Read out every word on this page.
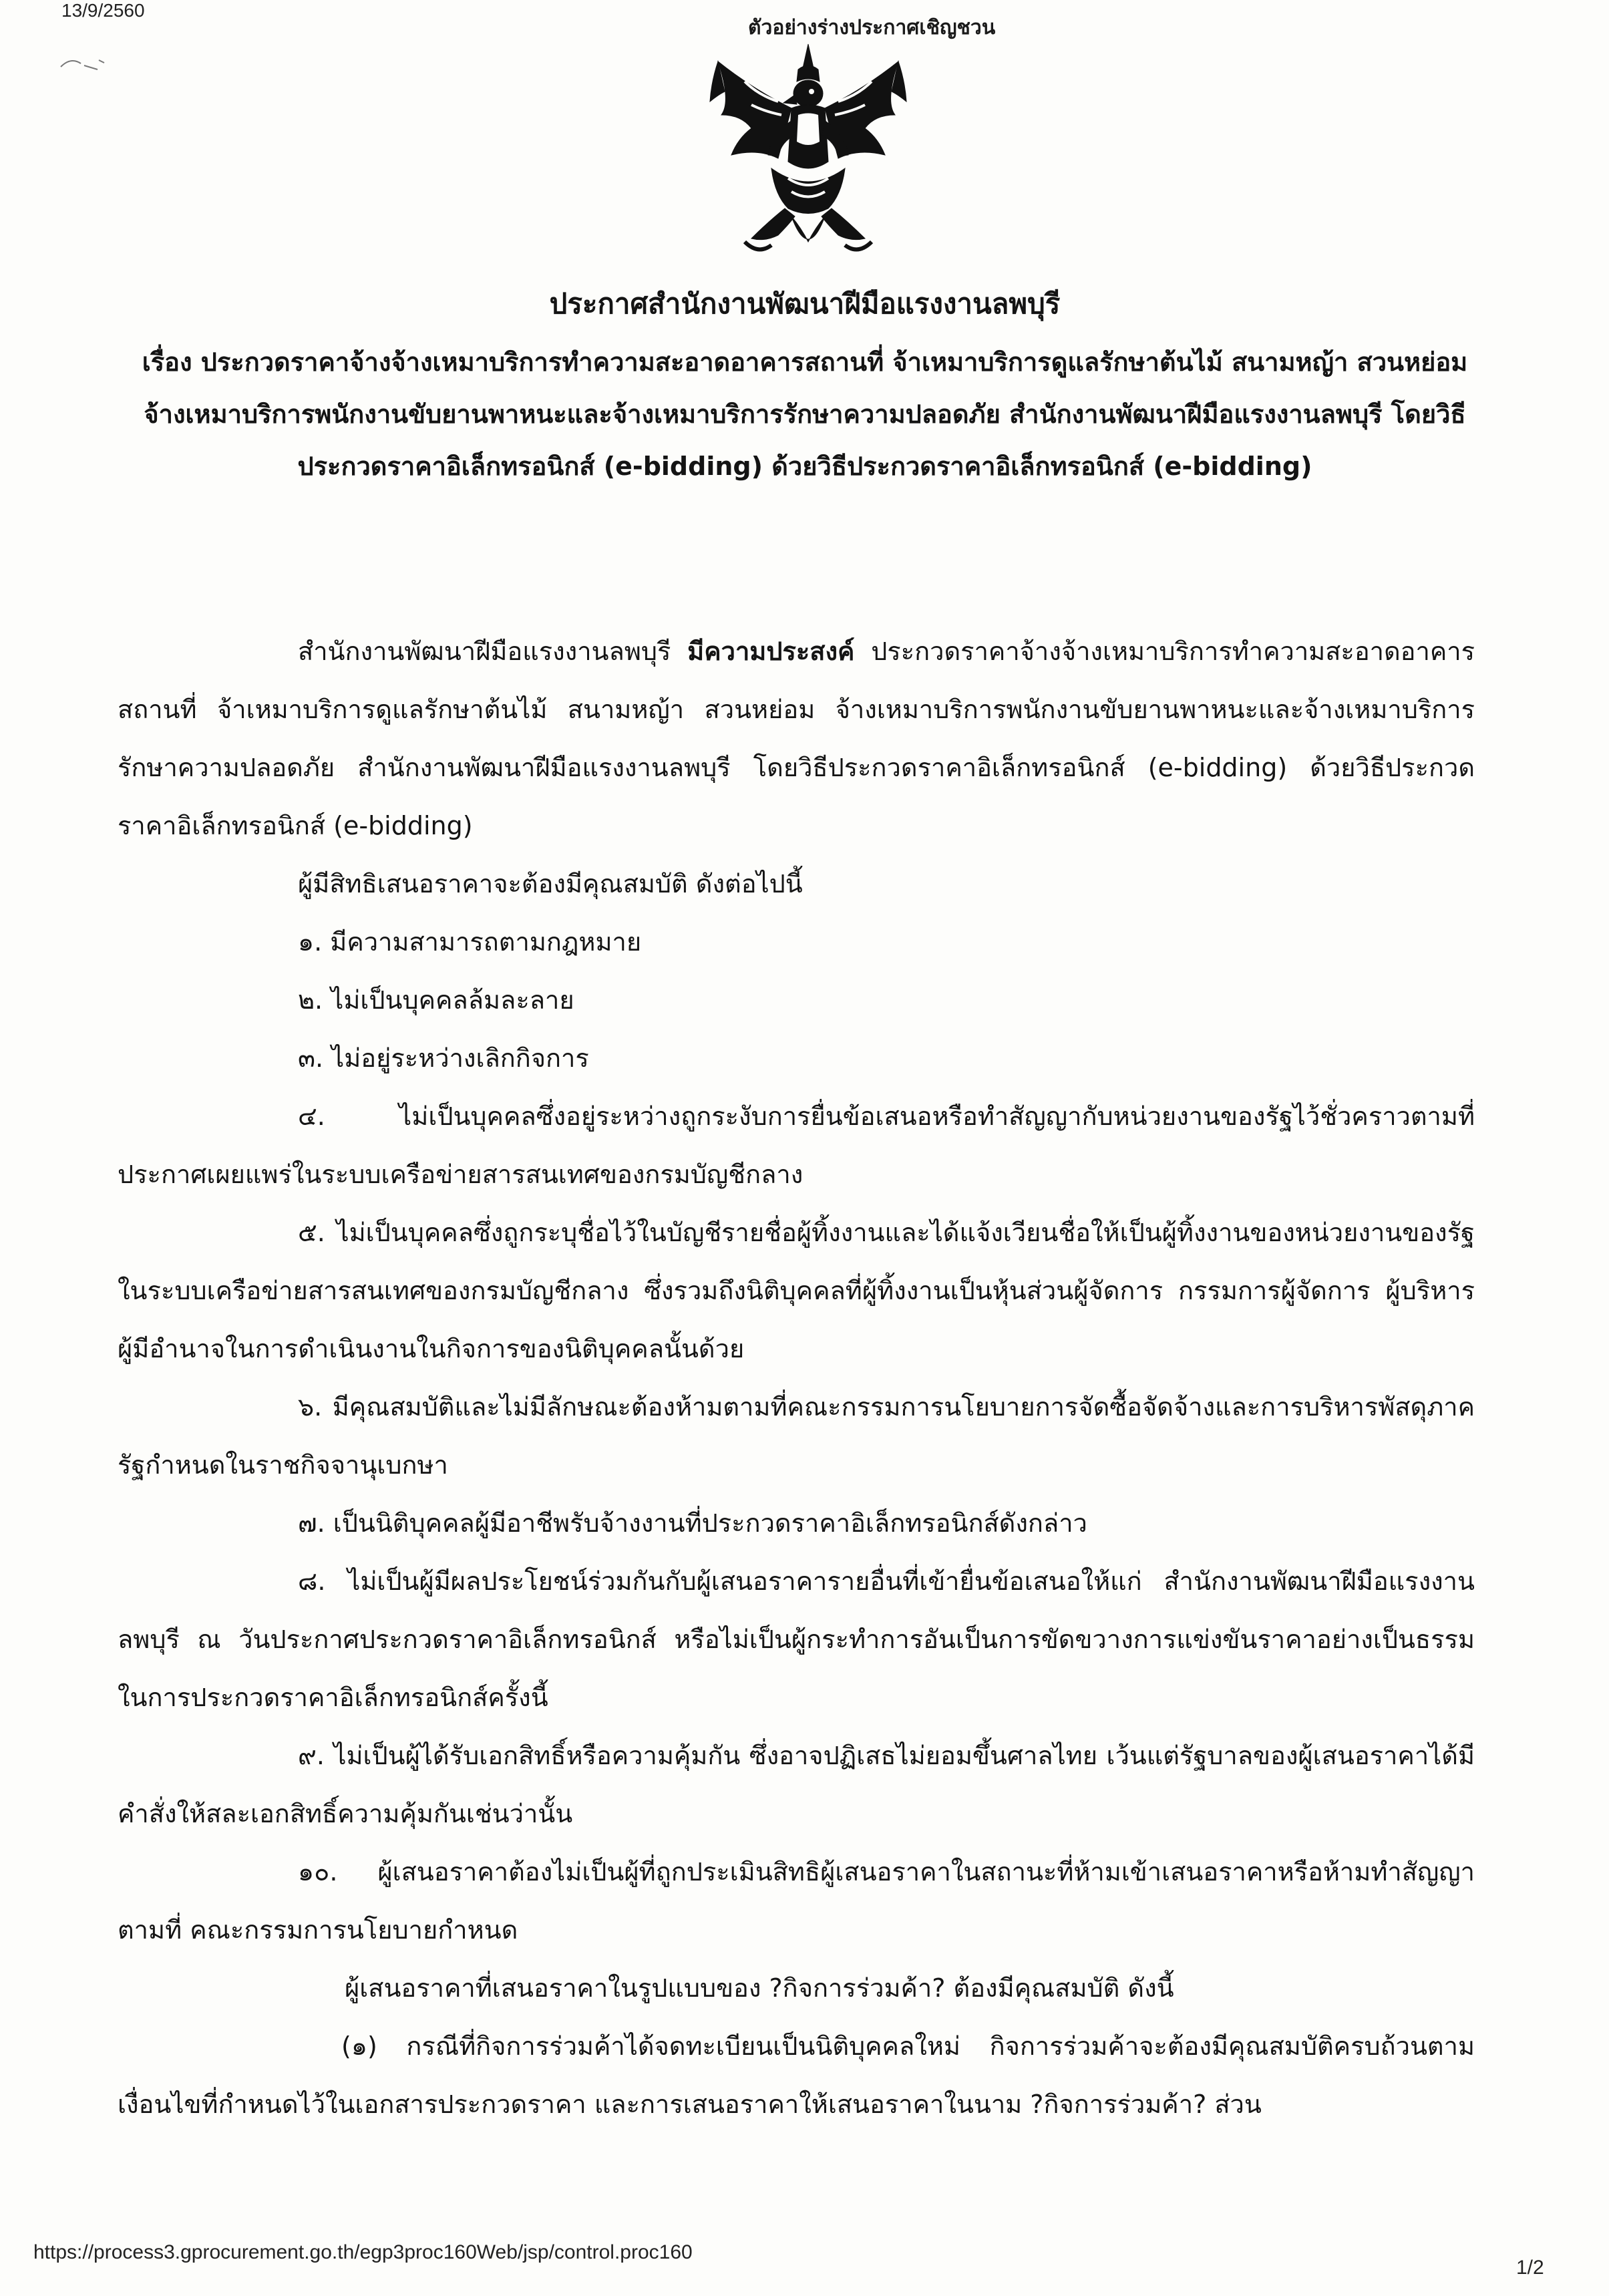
13/9/2560
ตัวอย่างร่างประกาศเชิญชวน
ประกาศสำนักงานพัฒนาฝีมือแรงงานลพบุรี
เรื่อง ประกวดราคาจ้างจ้างเหมาบริการทำความสะอาดอาคารสถานที่ จ้าเหมาบริการดูแลรักษาต้นไม้ สนามหญ้า สวนหย่อม จ้างเหมาบริการพนักงานขับยานพาหนะและจ้างเหมาบริการรักษาความปลอดภัย สำนักงานพัฒนาฝีมือแรงงานลพบุรี โดยวิธีประกวดราคาอิเล็กทรอนิกส์ (e-bidding) ด้วยวิธีประกวดราคาอิเล็กทรอนิกส์ (e-bidding)

สำนักงานพัฒนาฝีมือแรงงานลพบุรี มีความประสงค์ ประกวดราคาจ้างจ้างเหมาบริการทำความสะอาดอาคารสถานที่ จ้าเหมาบริการดูแลรักษาต้นไม้ สนามหญ้า สวนหย่อม จ้างเหมาบริการพนักงานขับยานพาหนะและจ้างเหมาบริการรักษาความปลอดภัย สำนักงานพัฒนาฝีมือแรงงานลพบุรี โดยวิธีประกวดราคาอิเล็กทรอนิกส์ (e-bidding) ด้วยวิธีประกวดราคาอิเล็กทรอนิกส์ (e-bidding)

ผู้มีสิทธิเสนอราคาจะต้องมีคุณสมบัติ ดังต่อไปนี้

๑. มีความสามารถตามกฎหมาย

๒. ไม่เป็นบุคคลล้มละลาย

๓. ไม่อยู่ระหว่างเลิกกิจการ

๔. ไม่เป็นบุคคลซึ่งอยู่ระหว่างถูกระงับการยื่นข้อเสนอหรือทำสัญญากับหน่วยงานของรัฐไว้ชั่วคราวตามที่ประกาศเผยแพร่ในระบบเครือข่ายสารสนเทศของกรมบัญชีกลาง

๕. ไม่เป็นบุคคลซึ่งถูกระบุชื่อไว้ในบัญชีรายชื่อผู้ทิ้งงานและได้แจ้งเวียนชื่อให้เป็นผู้ทิ้งงานของหน่วยงานของรัฐในระบบเครือข่ายสารสนเทศของกรมบัญชีกลาง ซึ่งรวมถึงนิติบุคคลที่ผู้ทิ้งงานเป็นหุ้นส่วนผู้จัดการ กรรมการผู้จัดการ ผู้บริหาร ผู้มีอำนาจในการดำเนินงานในกิจการของนิติบุคคลนั้นด้วย

๖. มีคุณสมบัติและไม่มีลักษณะต้องห้ามตามที่คณะกรรมการนโยบายการจัดซื้อจัดจ้างและการบริหารพัสดุภาครัฐกำหนดในราชกิจจานุเบกษา

๗. เป็นนิติบุคคลผู้มีอาชีพรับจ้างงานที่ประกวดราคาอิเล็กทรอนิกส์ดังกล่าว

๘. ไม่เป็นผู้มีผลประโยชน์ร่วมกันกับผู้เสนอราคารายอื่นที่เข้ายื่นข้อเสนอให้แก่ สำนักงานพัฒนาฝีมือแรงงานลพบุรี ณ วันประกาศประกวดราคาอิเล็กทรอนิกส์ หรือไม่เป็นผู้กระทำการอันเป็นการขัดขวางการแข่งขันราคาอย่างเป็นธรรม ในการประกวดราคาอิเล็กทรอนิกส์ครั้งนี้

๙. ไม่เป็นผู้ได้รับเอกสิทธิ์หรือความคุ้มกัน ซึ่งอาจปฏิเสธไม่ยอมขึ้นศาลไทย เว้นแต่รัฐบาลของผู้เสนอราคาได้มีคำสั่งให้สละเอกสิทธิ์ความคุ้มกันเช่นว่านั้น

๑๐. ผู้เสนอราคาต้องไม่เป็นผู้ที่ถูกประเมินสิทธิผู้เสนอราคาในสถานะที่ห้ามเข้าเสนอราคาหรือห้ามทำสัญญาตามที่ คณะกรรมการนโยบายกำหนด

ผู้เสนอราคาที่เสนอราคาในรูปแบบของ ?กิจการร่วมค้า? ต้องมีคุณสมบัติ ดังนี้

(๑) กรณีที่กิจการร่วมค้าได้จดทะเบียนเป็นนิติบุคคลใหม่ กิจการร่วมค้าจะต้องมีคุณสมบัติครบถ้วนตามเงื่อนไขที่กำหนดไว้ในเอกสารประกวดราคา และการเสนอราคาให้เสนอราคาในนาม ?กิจการร่วมค้า? ส่วน

https://process3.gprocurement.go.th/egp3proc160Web/jsp/control.proc160
1/2
